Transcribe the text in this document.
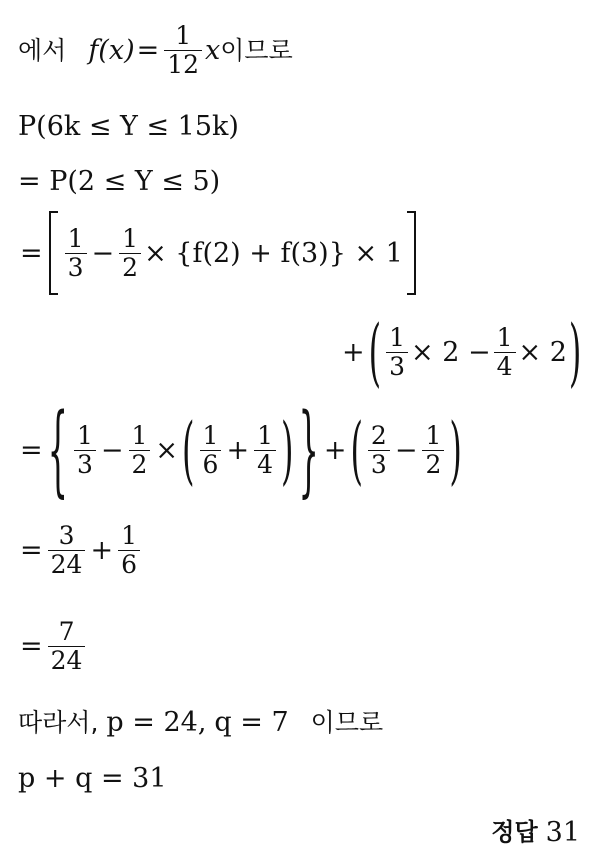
에서 $f(x) = \frac{1}{12}$ x 이므로
P(6k ≤ Y ≤ 15k)
= P(2 ≤ Y ≤ 5)
= $\frac{1}{3} - \frac{1}{2} \times \{f(2) + f(3)\} \times 1$
+ ( $\frac{1}{3} \times 2 - \frac{1}{4} \times 2$ )
= { $\frac{1}{3} - \frac{1}{2}$ × ( $\frac{1}{6} + \frac{1}{4}$ ) } + ( $\frac{2}{3} - \frac{1}{2}$ )
= $\frac{3}{24} + \frac{1}{6}$
= $\frac{7}{24}$
따라서, p = 24, q = 7 이므로
p + q = 31
정답 31
